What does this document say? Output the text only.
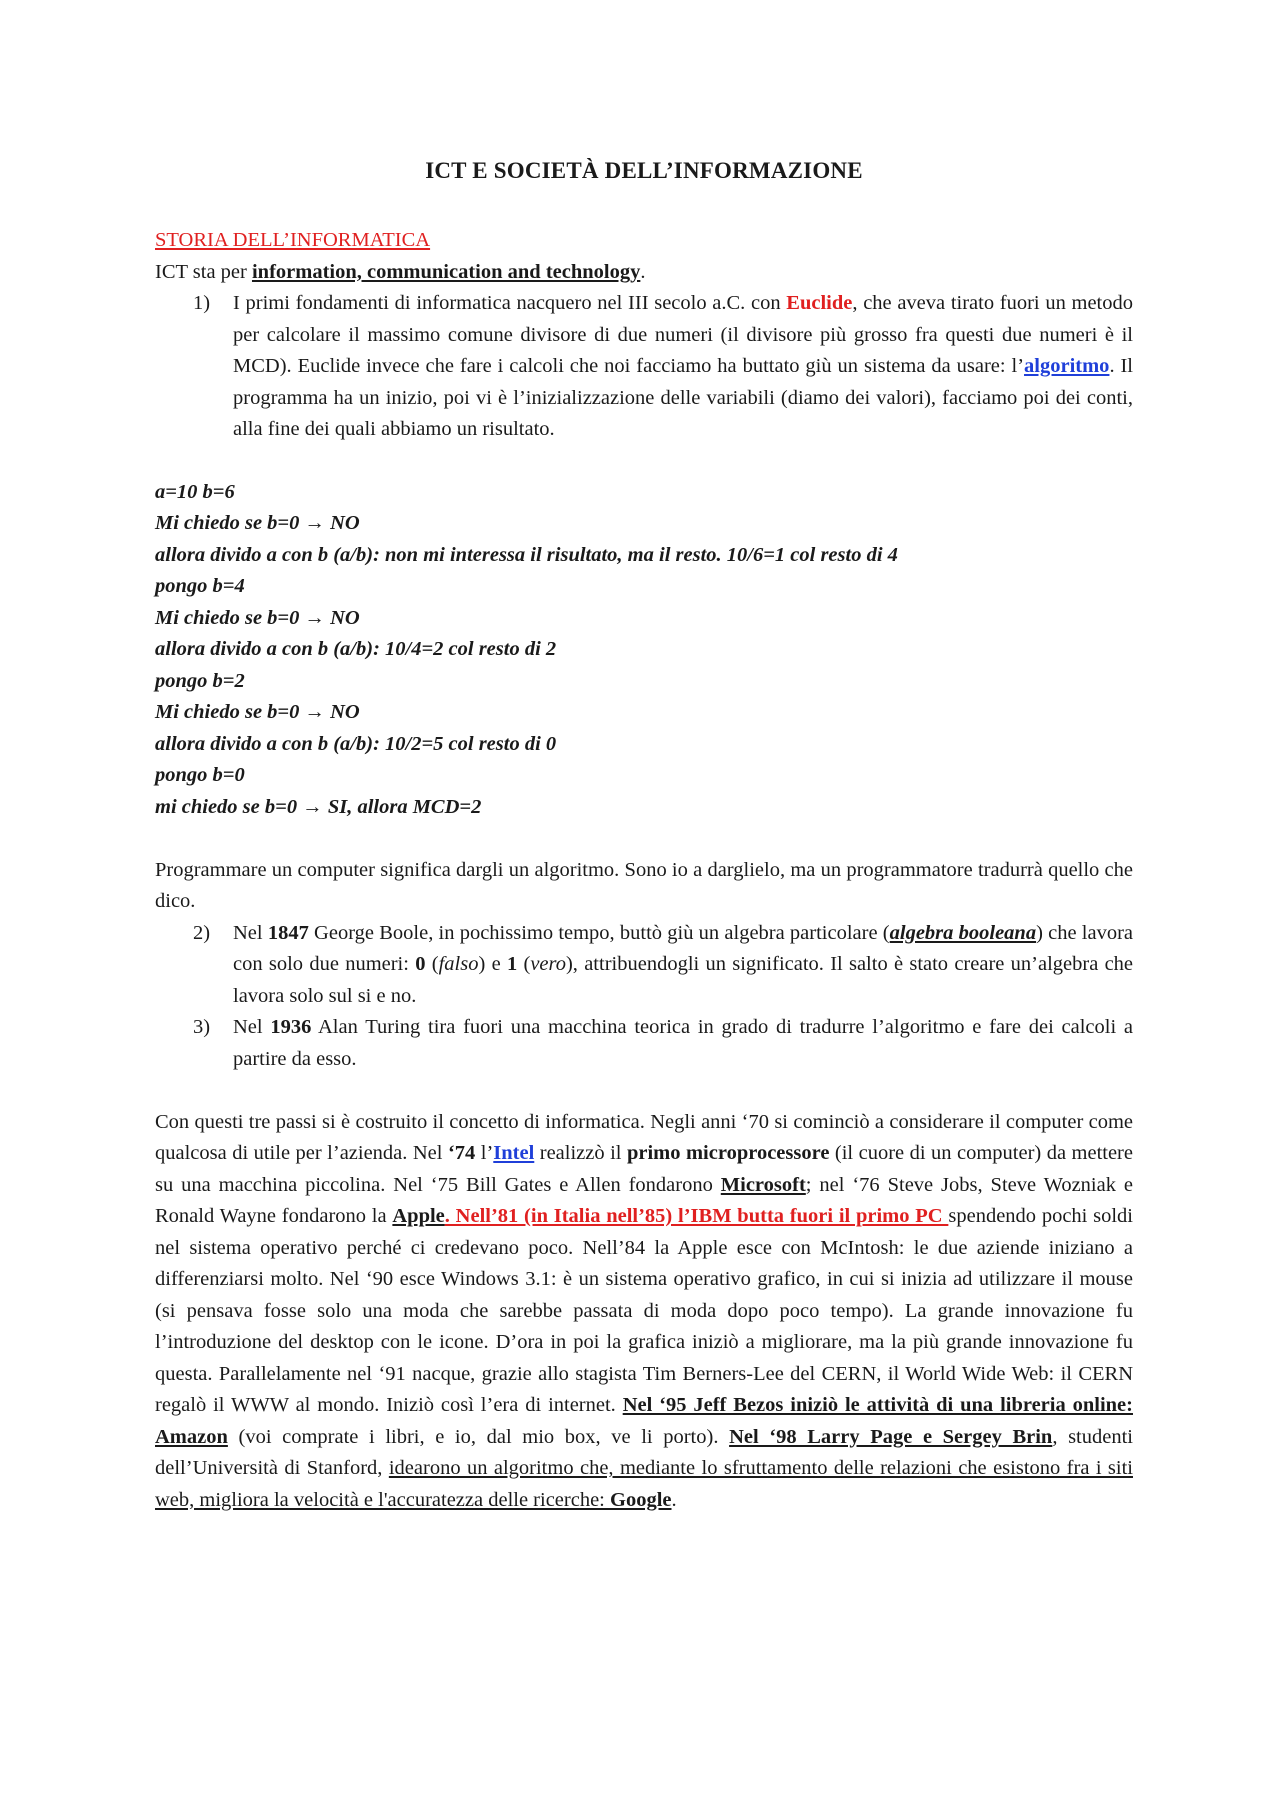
ICT E SOCIETÀ DELL’INFORMAZIONE

STORIA DELL’INFORMATICA

ICT sta per information, communication and technology.

1) I primi fondamenti di informatica nacquero nel III secolo a.C. con Euclide, che aveva tirato fuori un metodo per calcolare il massimo comune divisore di due numeri (il divisore più grosso fra questi due numeri è il MCD). Euclide invece che fare i calcoli che noi facciamo ha buttato giù un sistema da usare: l’algoritmo. Il programma ha un inizio, poi vi è l’inizializzazione delle variabili (diamo dei valori), facciamo poi dei conti, alla fine dei quali abbiamo un risultato.
a=10 b=6
Mi chiedo se b=0 → NO
allora divido a con b (a/b): non mi interessa il risultato, ma il resto. 10/6=1 col resto di 4
pongo b=4
Mi chiedo se b=0 → NO
allora divido a con b (a/b): 10/4=2 col resto di 2
pongo b=2
Mi chiedo se b=0 → NO
allora divido a con b (a/b): 10/2=5 col resto di 0
pongo b=0
mi chiedo se b=0 → SI, allora MCD=2

Programmare un computer significa dargli un algoritmo. Sono io a darglielo, ma un programmatore tradurrà quello che dico.

2) Nel 1847 George Boole, in pochissimo tempo, buttò giù un algebra particolare (algebra booleana) che lavora con solo due numeri: 0 (falso) e 1 (vero), attribuendogli un significato. Il salto è stato creare un’algebra che lavora solo sul si e no.
3) Nel 1936 Alan Turing tira fuori una macchina teorica in grado di tradurre l’algoritmo e fare dei calcoli a partire da esso.

Con questi tre passi si è costruito il concetto di informatica. Negli anni ‘70 si cominciò a considerare il computer come qualcosa di utile per l’azienda. Nel ‘74 l’Intel realizzò il primo microprocessore (il cuore di un computer) da mettere su una macchina piccolina. Nel ‘75 Bill Gates e Allen fondarono Microsoft; nel ‘76 Steve Jobs, Steve Wozniak e Ronald Wayne fondarono la Apple. Nell’81 (in Italia nell’85) l’IBM butta fuori il primo PC spendendo pochi soldi nel sistema operativo perché ci credevano poco. Nell’84 la Apple esce con McIntosh: le due aziende iniziano a differenziarsi molto. Nel ‘90 esce Windows 3.1: è un sistema operativo grafico, in cui si inizia ad utilizzare il mouse (si pensava fosse solo una moda che sarebbe passata di moda dopo poco tempo). La grande innovazione fu l’introduzione del desktop con le icone. D’ora in poi la grafica iniziò a migliorare, ma la più grande innovazione fu questa. Parallelamente nel ‘91 nacque, grazie allo stagista Tim Berners-Lee del CERN, il World Wide Web: il CERN regalò il WWW al mondo. Iniziò così l’era di internet. Nel ‘95 Jeff Bezos iniziò le attività di una libreria online: Amazon (voi comprate i libri, e io, dal mio box, ve li porto). Nel ‘98 Larry Page e Sergey Brin, studenti dell’Università di Stanford, idearono un algoritmo che, mediante lo sfruttamento delle relazioni che esistono fra i siti web, migliora la velocità e l'accuratezza delle ricerche: Google.
